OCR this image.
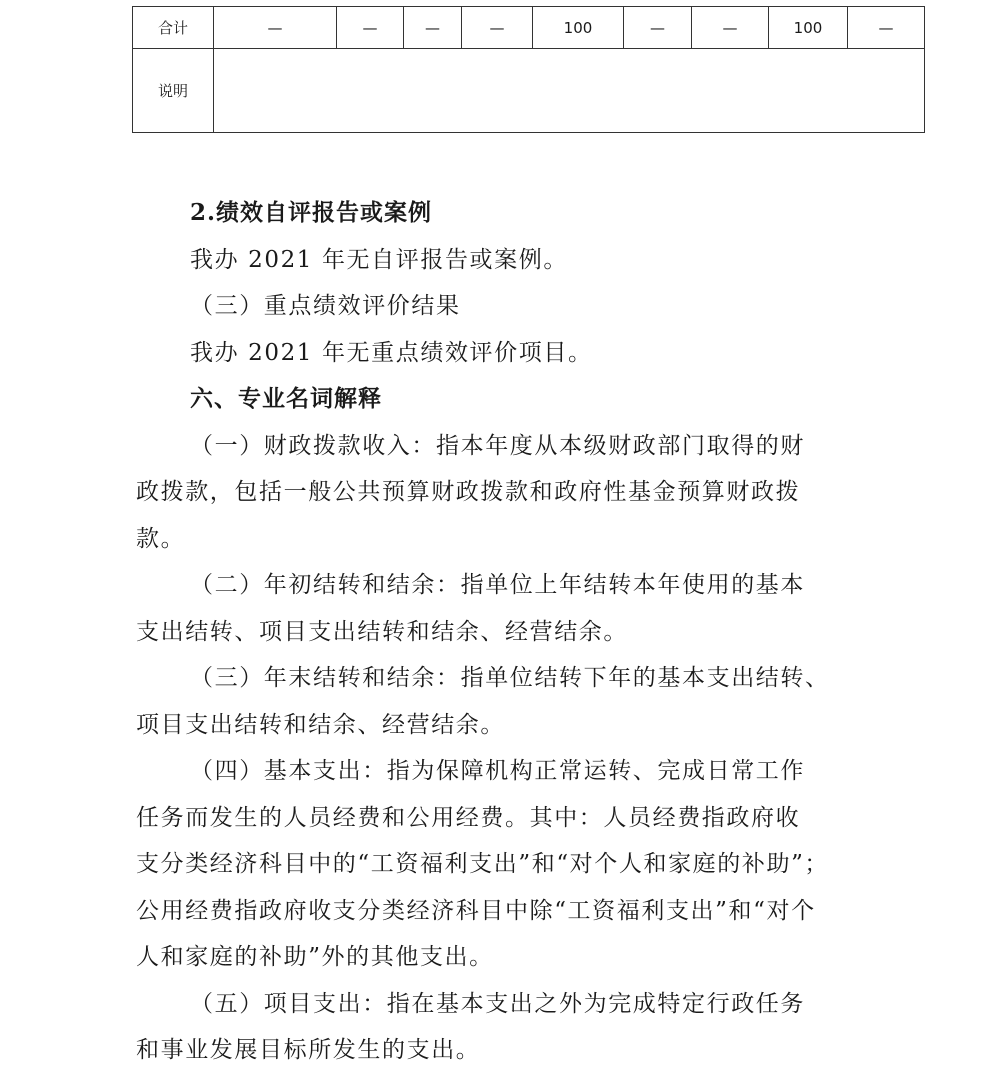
合计	—	—	—	—	100	—	—	100	—
说明									

2.绩效自评报告或案例

我办 2021 年无自评报告或案例。

（三）重点绩效评价结果

我办 2021 年无重点绩效评价项目。

六、专业名词解释

（一）财政拨款收入：指本年度从本级财政部门取得的财

政拨款，包括一般公共预算财政拨款和政府性基金预算财政拨

款。

（二）年初结转和结余：指单位上年结转本年使用的基本

支出结转、项目支出结转和结余、经营结余。

（三）年末结转和结余：指单位结转下年的基本支出结转、

项目支出结转和结余、经营结余。

（四）基本支出：指为保障机构正常运转、完成日常工作

任务而发生的人员经费和公用经费。其中：人员经费指政府收

支分类经济科目中的“工资福利支出”和“对个人和家庭的补助”；

公用经费指政府收支分类经济科目中除“工资福利支出”和“对个

人和家庭的补助”外的其他支出。

（五）项目支出：指在基本支出之外为完成特定行政任务

和事业发展目标所发生的支出。
